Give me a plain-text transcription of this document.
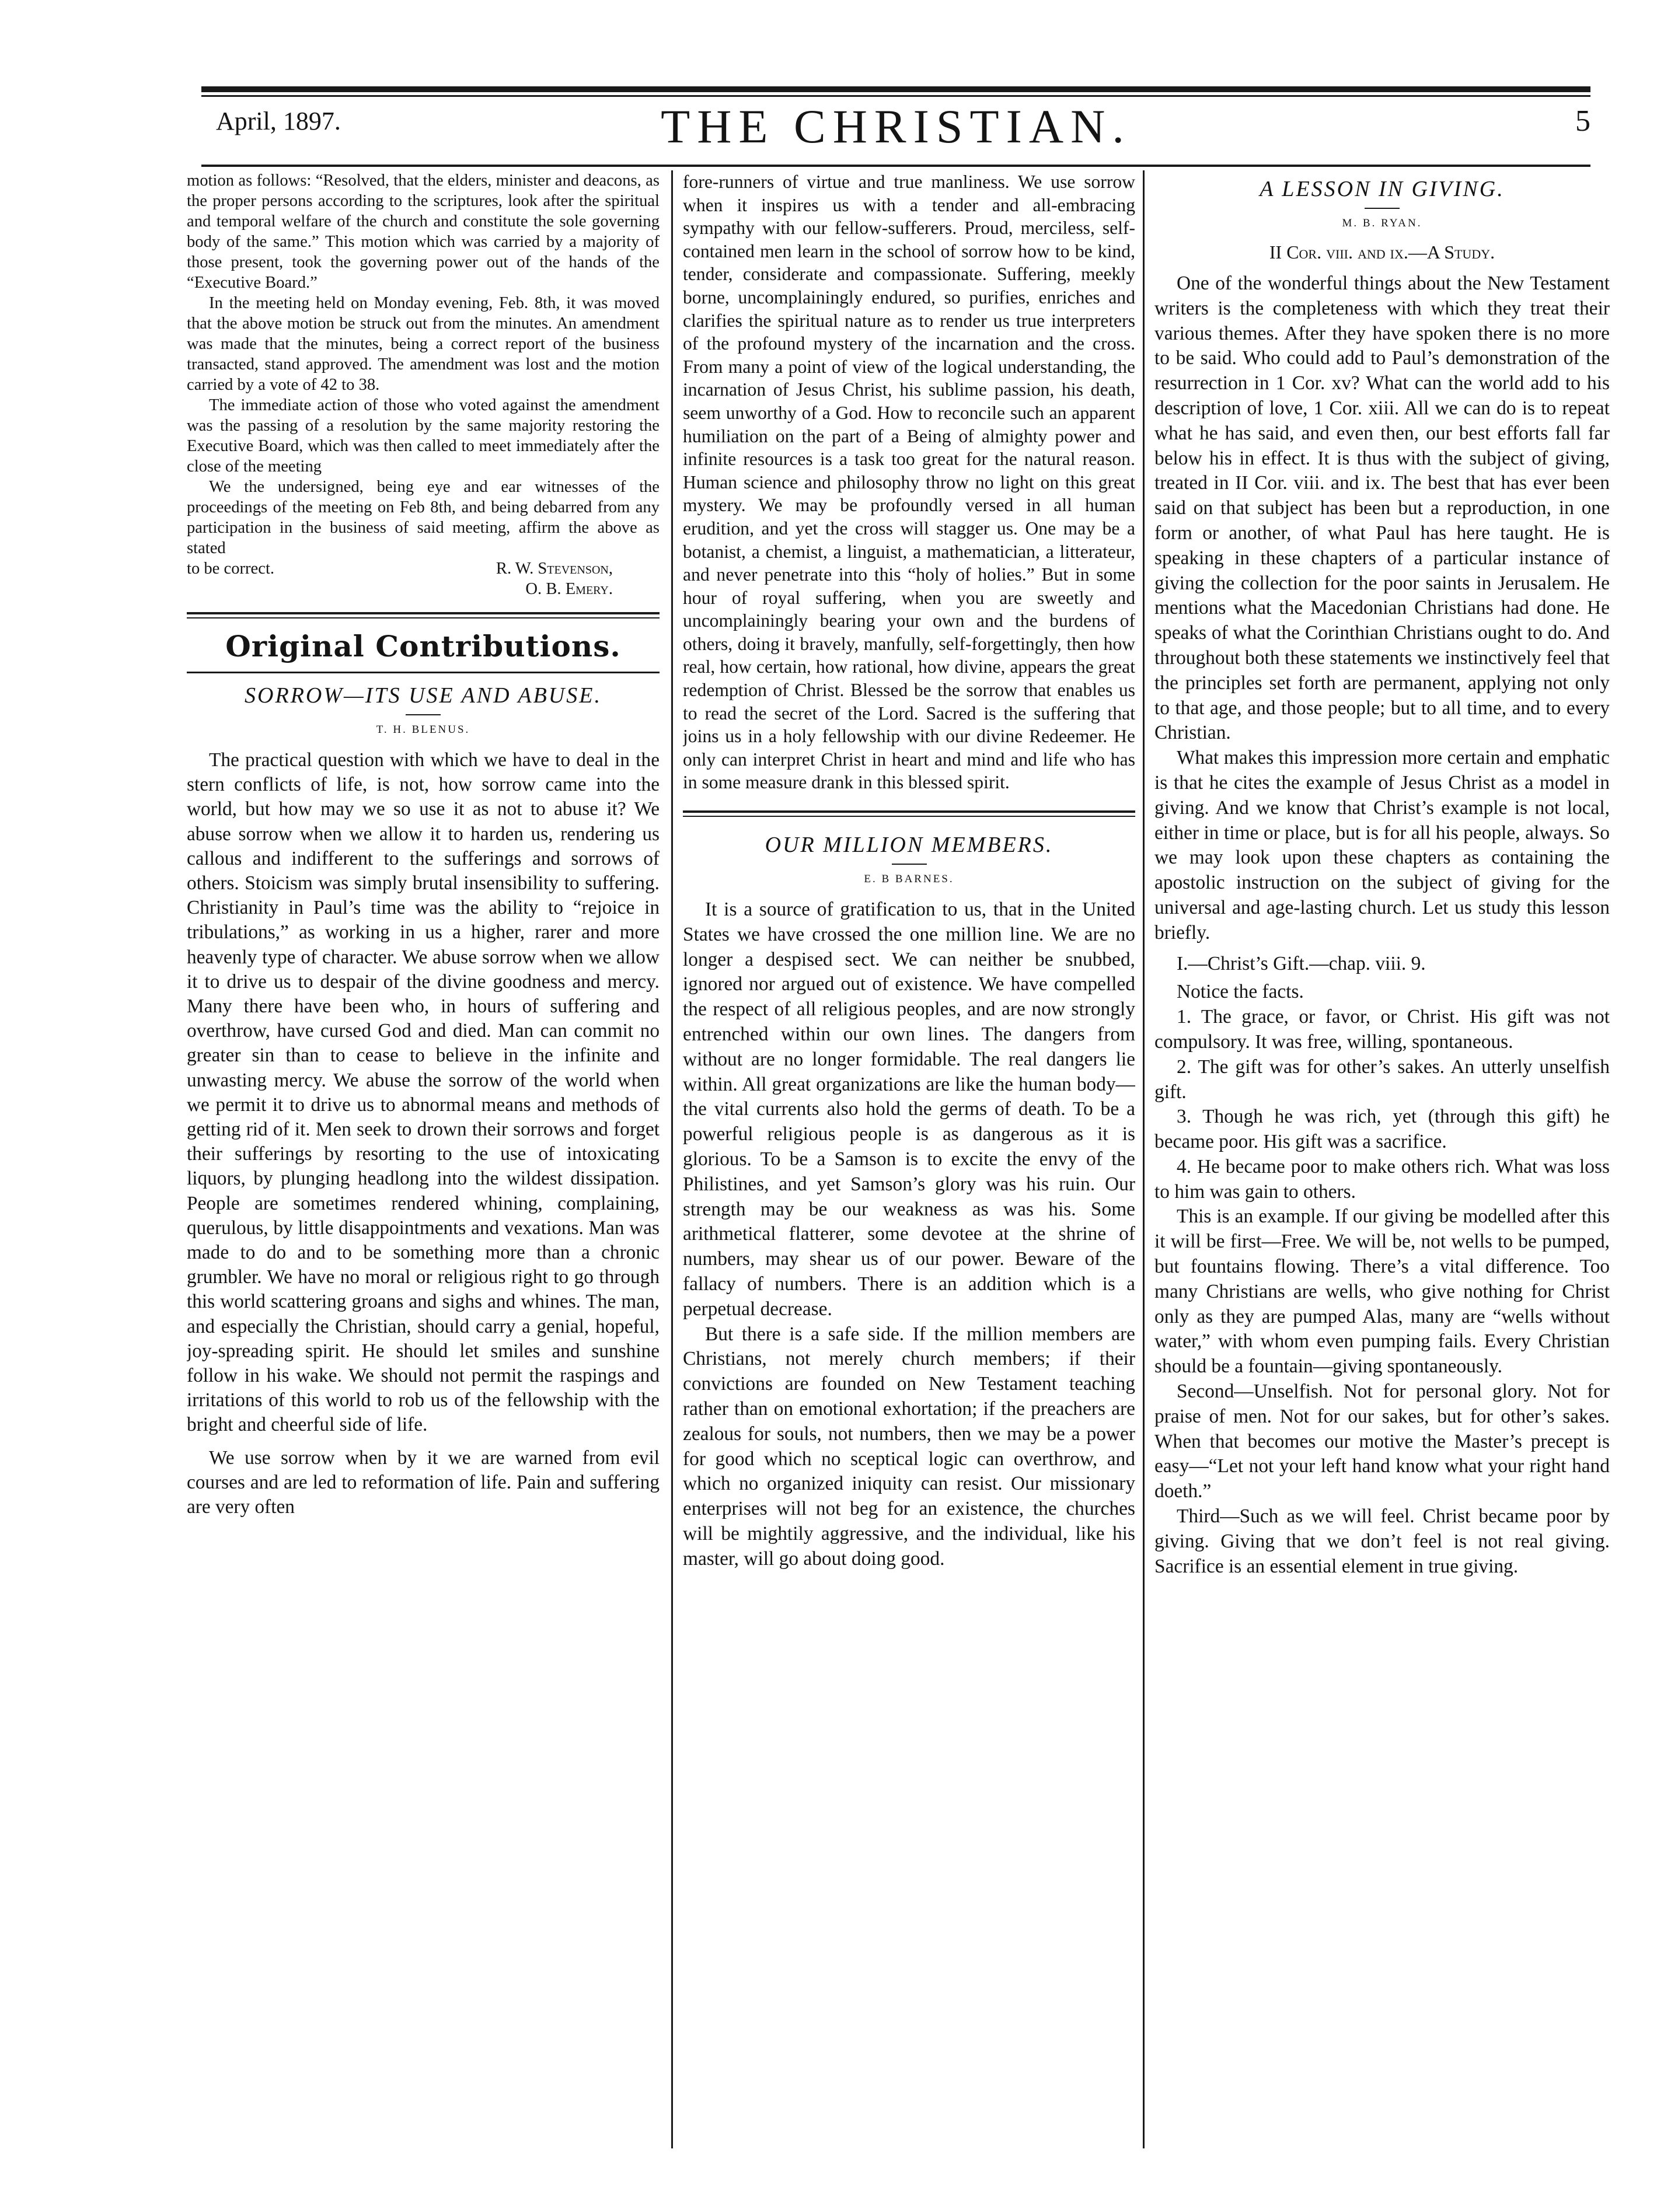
April, 1897.	THE CHRISTIAN.	5

motion as follows: “Resolved, that the elders, minister and deacons, as the proper persons according to the scriptures, look after the spiritual and temporal welfare of the church and constitute the sole governing body of the same.” This motion which was carried by a majority of those present, took the governing power out of the hands of the “Executive Board.”

In the meeting held on Monday evening, Feb. 8th, it was moved that the above motion be struck out from the minutes. An amendment was made that the minutes, being a correct report of the business transacted, stand approved. The amendment was lost and the motion carried by a vote of 42 to 38.

The immediate action of those who voted against the amendment was the passing of a resolution by the same majority restoring the Executive Board, which was then called to meet immediately after the close of the meeting

We the undersigned, being eye and ear witnesses of the proceedings of the meeting on Feb 8th, and being debarred from any participation in the business of said meeting, affirm the above as stated

to be correct.	R. W. Stevenson,
O. B. Emery.
Original Contributions.
SORROW—ITS USE AND ABUSE.
T. H. BLENUS.

The practical question with which we have to deal in the stern conflicts of life, is not, how sorrow came into the world, but how may we so use it as not to abuse it? We abuse sorrow when we allow it to harden us, rendering us callous and indifferent to the sufferings and sorrows of others. Stoicism was simply brutal insensibility to suffering. Christianity in Paul’s time was the ability to “rejoice in tribulations,” as working in us a higher, rarer and more heavenly type of character. We abuse sorrow when we allow it to drive us to despair of the divine goodness and mercy. Many there have been who, in hours of suffering and overthrow, have cursed God and died. Man can commit no greater sin than to cease to believe in the infinite and unwasting mercy. We abuse the sorrow of the world when we permit it to drive us to abnormal means and methods of getting rid of it. Men seek to drown their sorrows and forget their sufferings by resorting to the use of intoxicating liquors, by plunging headlong into the wildest dissipation. People are sometimes rendered whining, complaining, querulous, by little disappointments and vexations. Man was made to do and to be something more than a chronic grumbler. We have no moral or religious right to go through this world scattering groans and sighs and whines. The man, and especially the Christian, should carry a genial, hopeful, joy-spreading spirit. He should let smiles and sunshine follow in his wake. We should not permit the raspings and irritations of this world to rob us of the fellowship with the bright and cheerful side of life.

We use sorrow when by it we are warned from evil courses and are led to reformation of life. Pain and suffering are very often

fore-runners of virtue and true manliness. We use sorrow when it inspires us with a tender and all-embracing sympathy with our fellow-sufferers. Proud, merciless, self-contained men learn in the school of sorrow how to be kind, tender, considerate and compassionate. Suffering, meekly borne, uncomplainingly endured, so purifies, enriches and clarifies the spiritual nature as to render us true interpreters of the profound mystery of the incarnation and the cross. From many a point of view of the logical understanding, the incarnation of Jesus Christ, his sublime passion, his death, seem unworthy of a God. How to reconcile such an apparent humiliation on the part of a Being of almighty power and infinite resources is a task too great for the natural reason. Human science and philosophy throw no light on this great mystery. We may be profoundly versed in all human erudition, and yet the cross will stagger us. One may be a botanist, a chemist, a linguist, a mathematician, a litterateur, and never penetrate into this “holy of holies.” But in some hour of royal suffering, when you are sweetly and uncomplainingly bearing your own and the burdens of others, doing it bravely, manfully, self-forgettingly, then how real, how certain, how rational, how divine, appears the great redemption of Christ. Blessed be the sorrow that enables us to read the secret of the Lord. Sacred is the suffering that joins us in a holy fellowship with our divine Redeemer. He only can interpret Christ in heart and mind and life who has in some measure drank in this blessed spirit.

OUR MILLION MEMBERS.
E. B BARNES.

It is a source of gratification to us, that in the United States we have crossed the one million line. We are no longer a despised sect. We can neither be snubbed, ignored nor argued out of existence. We have compelled the respect of all religious peoples, and are now strongly entrenched within our own lines. The dangers from without are no longer formidable. The real dangers lie within. All great organizations are like the human body—the vital currents also hold the germs of death. To be a powerful religious people is as dangerous as it is glorious. To be a Samson is to excite the envy of the Philistines, and yet Samson’s glory was his ruin. Our strength may be our weakness as was his. Some arithmetical flatterer, some devotee at the shrine of numbers, may shear us of our power. Beware of the fallacy of numbers. There is an addition which is a perpetual decrease.

But there is a safe side. If the million members are Christians, not merely church members; if their convictions are founded on New Testament teaching rather than on emotional exhortation; if the preachers are zealous for souls, not numbers, then we may be a power for good which no sceptical logic can overthrow, and which no organized iniquity can resist. Our missionary enterprises will not beg for an existence, the churches will be mightily aggressive, and the individual, like his master, will go about doing good.

A LESSON IN GIVING.
M. B. RYAN.
II Cor. viii. and ix.—A Study.

One of the wonderful things about the New Testament writers is the completeness with which they treat their various themes. After they have spoken there is no more to be said. Who could add to Paul’s demonstration of the resurrection in 1 Cor. xv? What can the world add to his description of love, 1 Cor. xiii. All we can do is to repeat what he has said, and even then, our best efforts fall far below his in effect. It is thus with the subject of giving, treated in II Cor. viii. and ix. The best that has ever been said on that subject has been but a reproduction, in one form or another, of what Paul has here taught. He is speaking in these chapters of a particular instance of giving the collection for the poor saints in Jerusalem. He mentions what the Macedonian Christians had done. He speaks of what the Corinthian Christians ought to do. And throughout both these statements we instinctively feel that the principles set forth are permanent, applying not only to that age, and those people; but to all time, and to every Christian.

What makes this impression more certain and emphatic is that he cites the example of Jesus Christ as a model in giving. And we know that Christ’s example is not local, either in time or place, but is for all his people, always. So we may look upon these chapters as containing the apostolic instruction on the subject of giving for the universal and age-lasting church. Let us study this lesson briefly.

I.—Christ’s Gift.—chap. viii. 9.

Notice the facts.

1. The grace, or favor, or Christ. His gift was not compulsory. It was free, willing, spontaneous.

2. The gift was for other’s sakes. An utterly unselfish gift.

3. Though he was rich, yet (through this gift) he became poor. His gift was a sacrifice.

4. He became poor to make others rich. What was loss to him was gain to others.

This is an example. If our giving be modelled after this it will be first—Free. We will be, not wells to be pumped, but fountains flowing. There’s a vital difference. Too many Christians are wells, who give nothing for Christ only as they are pumped Alas, many are “wells without water,” with whom even pumping fails. Every Christian should be a fountain—giving spontaneously.

Second—Unselfish. Not for personal glory. Not for praise of men. Not for our sakes, but for other’s sakes. When that becomes our motive the Master’s precept is easy—“Let not your left hand know what your right hand doeth.”

Third—Such as we will feel. Christ became poor by giving. Giving that we don’t feel is not real giving. Sacrifice is an essential element in true giving.
